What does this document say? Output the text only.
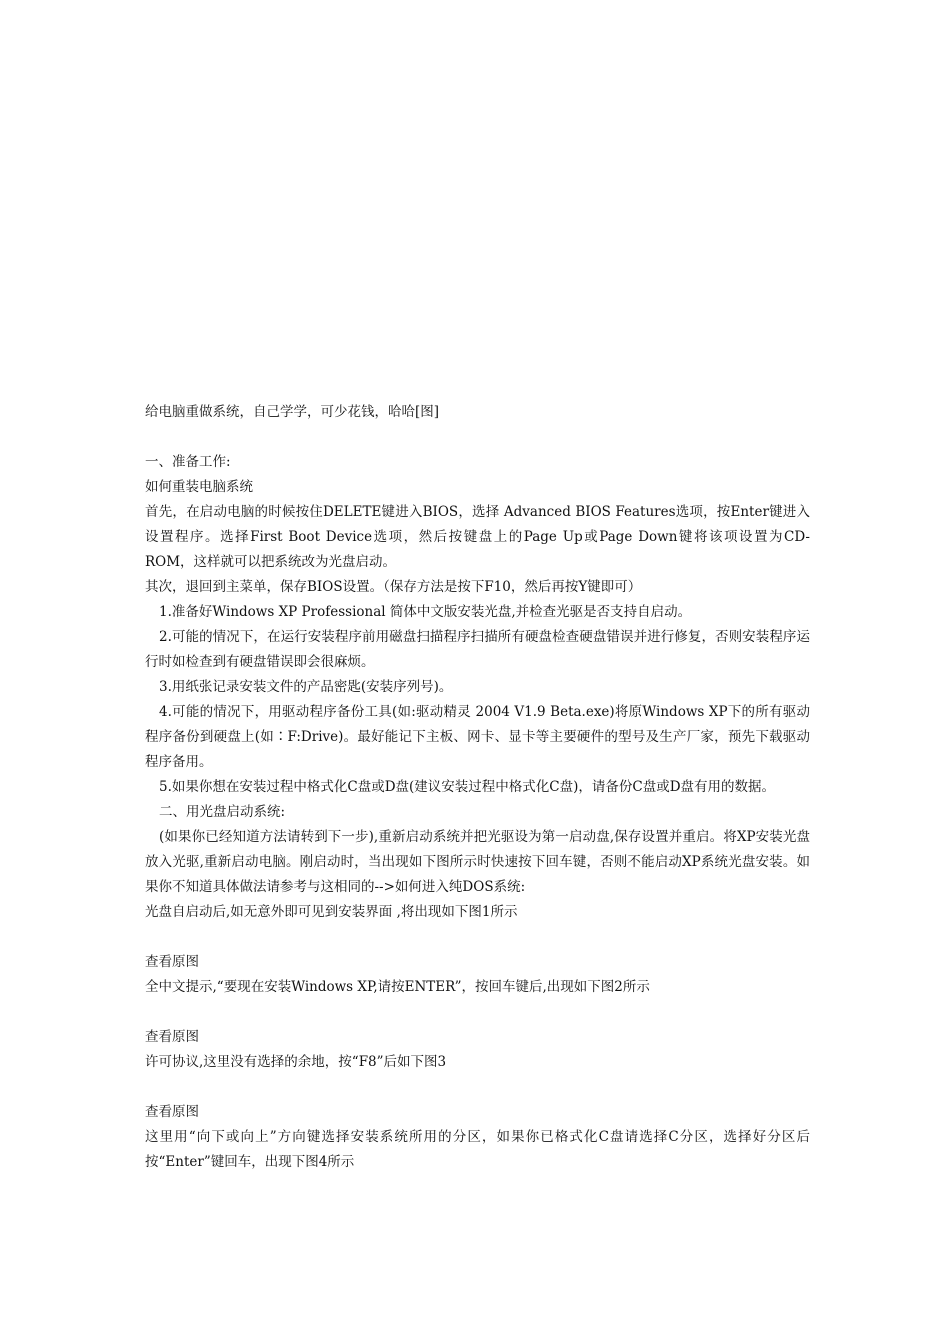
给电脑重做系统，自己学学，可少花钱，哈哈[图]

一、准备工作:

如何重装电脑系统

首先，在启动电脑的时候按住DELETE键进入BIOS，选择 Advanced BIOS Features选项，按Enter键进入设置程序。选择First Boot Device选项，然后按键盘上的Page Up或Page Down键将该项设置为CD-ROM，这样就可以把系统改为光盘启动。

其次，退回到主菜单，保存BIOS设置。（保存方法是按下F10，然后再按Y键即可）

1.准备好Windows XP Professional 简体中文版安装光盘,并检查光驱是否支持自启动。

2.可能的情况下，在运行安装程序前用磁盘扫描程序扫描所有硬盘检查硬盘错误并进行修复，否则安装程序运行时如检查到有硬盘错误即会很麻烦。

3.用纸张记录安装文件的产品密匙(安装序列号)。

4.可能的情况下，用驱动程序备份工具(如:驱动精灵 2004 V1.9 Beta.exe)将原Windows XP下的所有驱动程序备份到硬盘上(如∶F:Drive)。最好能记下主板、网卡、显卡等主要硬件的型号及生产厂家，预先下载驱动程序备用。

5.如果你想在安装过程中格式化C盘或D盘(建议安装过程中格式化C盘)，请备份C盘或D盘有用的数据。

二、用光盘启动系统:

(如果你已经知道方法请转到下一步),重新启动系统并把光驱设为第一启动盘,保存设置并重启。将XP安装光盘放入光驱,重新启动电脑。刚启动时，当出现如下图所示时快速按下回车键，否则不能启动XP系统光盘安装。如果你不知道具体做法请参考与这相同的-->如何进入纯DOS系统:

光盘自启动后,如无意外即可见到安装界面 ,将出现如下图1所示

查看原图

全中文提示,“要现在安装Windows XP,请按ENTER”，按回车键后,出现如下图2所示

查看原图

许可协议,这里没有选择的余地，按“F8”后如下图3

查看原图

这里用“向下或向上”方向键选择安装系统所用的分区，如果你已格式化C盘请选择C分区，选择好分区后按“Enter”键回车，出现下图4所示
